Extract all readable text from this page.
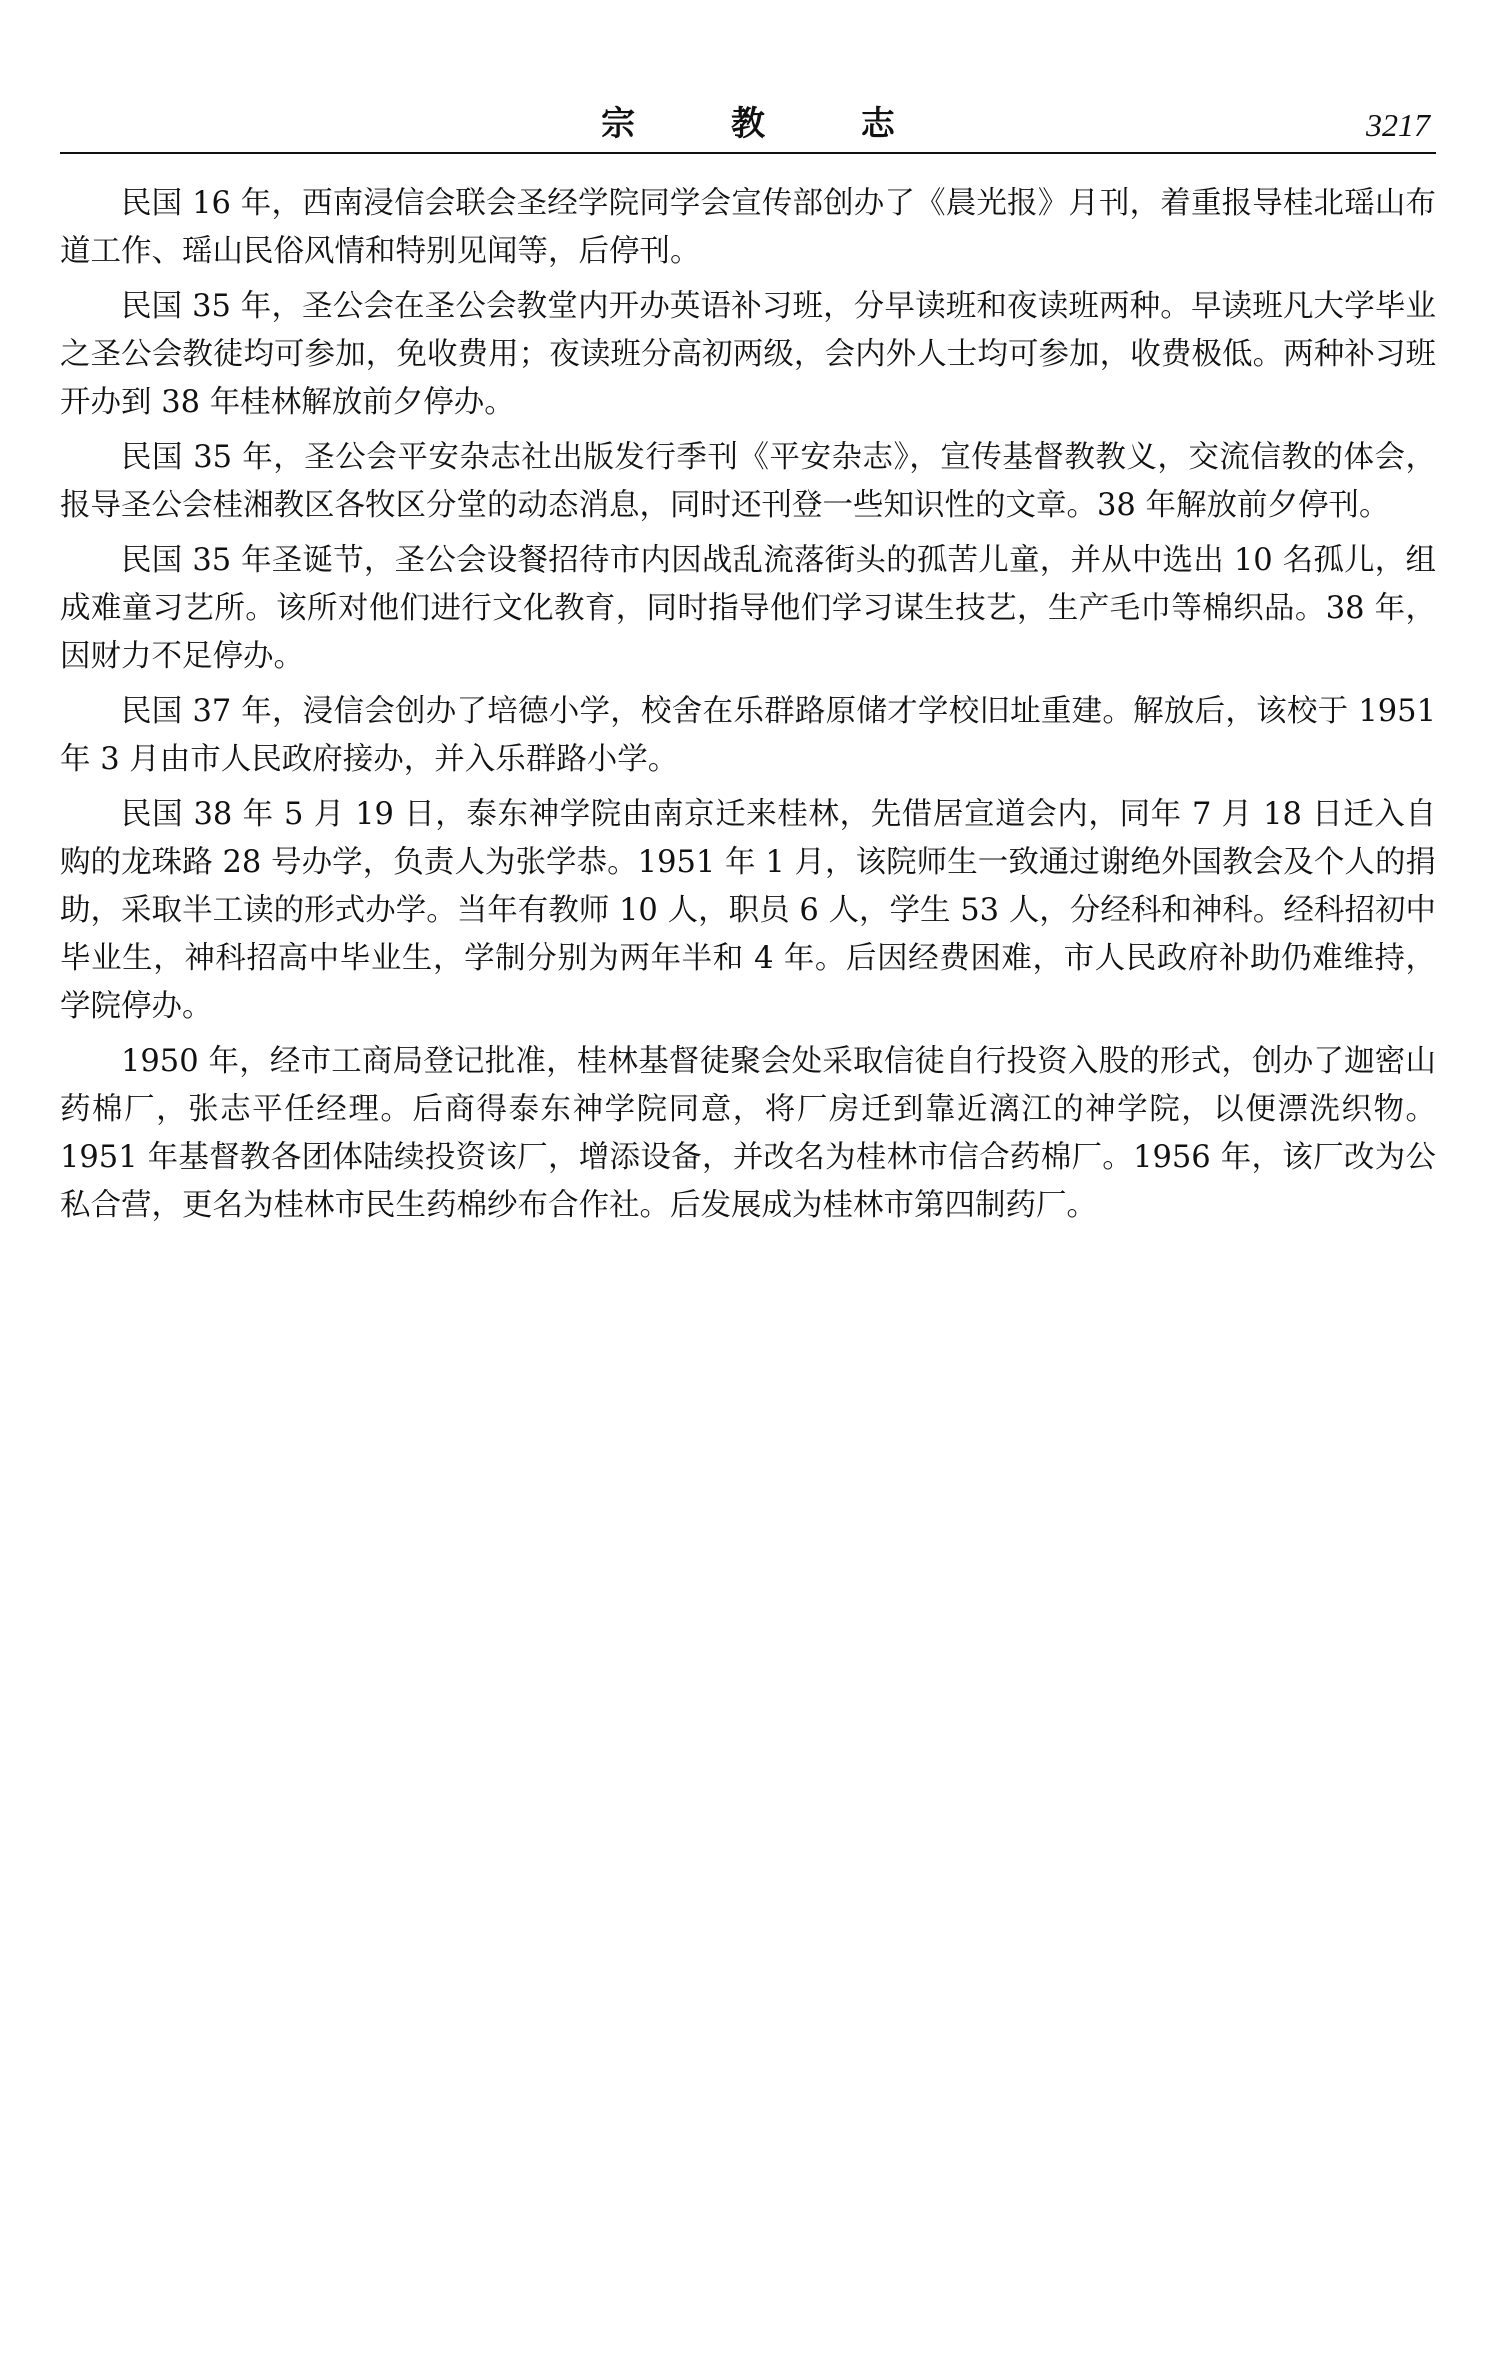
宗 教 志	3217

民国 16 年，西南浸信会联会圣经学院同学会宣传部创办了《晨光报》月刊，着重报导桂北瑶山布道工作、瑶山民俗风情和特别见闻等，后停刊。

民国 35 年，圣公会在圣公会教堂内开办英语补习班，分早读班和夜读班两种。早读班凡大学毕业之圣公会教徒均可参加，免收费用；夜读班分高初两级，会内外人士均可参加，收费极低。两种补习班开办到 38 年桂林解放前夕停办。

民国 35 年，圣公会平安杂志社出版发行季刊《平安杂志》，宣传基督教教义，交流信教的体会，报导圣公会桂湘教区各牧区分堂的动态消息，同时还刊登一些知识性的文章。38 年解放前夕停刊。

民国 35 年圣诞节，圣公会设餐招待市内因战乱流落街头的孤苦儿童，并从中选出 10 名孤儿，组成难童习艺所。该所对他们进行文化教育，同时指导他们学习谋生技艺，生产毛巾等棉织品。38 年，因财力不足停办。

民国 37 年，浸信会创办了培德小学，校舍在乐群路原储才学校旧址重建。解放后，该校于 1951 年 3 月由市人民政府接办，并入乐群路小学。

民国 38 年 5 月 19 日，泰东神学院由南京迁来桂林，先借居宣道会内，同年 7 月 18 日迁入自购的龙珠路 28 号办学，负责人为张学恭。1951 年 1 月，该院师生一致通过谢绝外国教会及个人的捐助，采取半工读的形式办学。当年有教师 10 人，职员 6 人，学生 53 人，分经科和神科。经科招初中毕业生，神科招高中毕业生，学制分别为两年半和 4 年。后因经费困难，市人民政府补助仍难维持，学院停办。

1950 年，经市工商局登记批准，桂林基督徒聚会处采取信徒自行投资入股的形式，创办了迦密山药棉厂，张志平任经理。后商得泰东神学院同意，将厂房迁到靠近漓江的神学院，以便漂洗织物。1951 年基督教各团体陆续投资该厂，增添设备，并改名为桂林市信合药棉厂。1956 年，该厂改为公私合营，更名为桂林市民生药棉纱布合作社。后发展成为桂林市第四制药厂。
